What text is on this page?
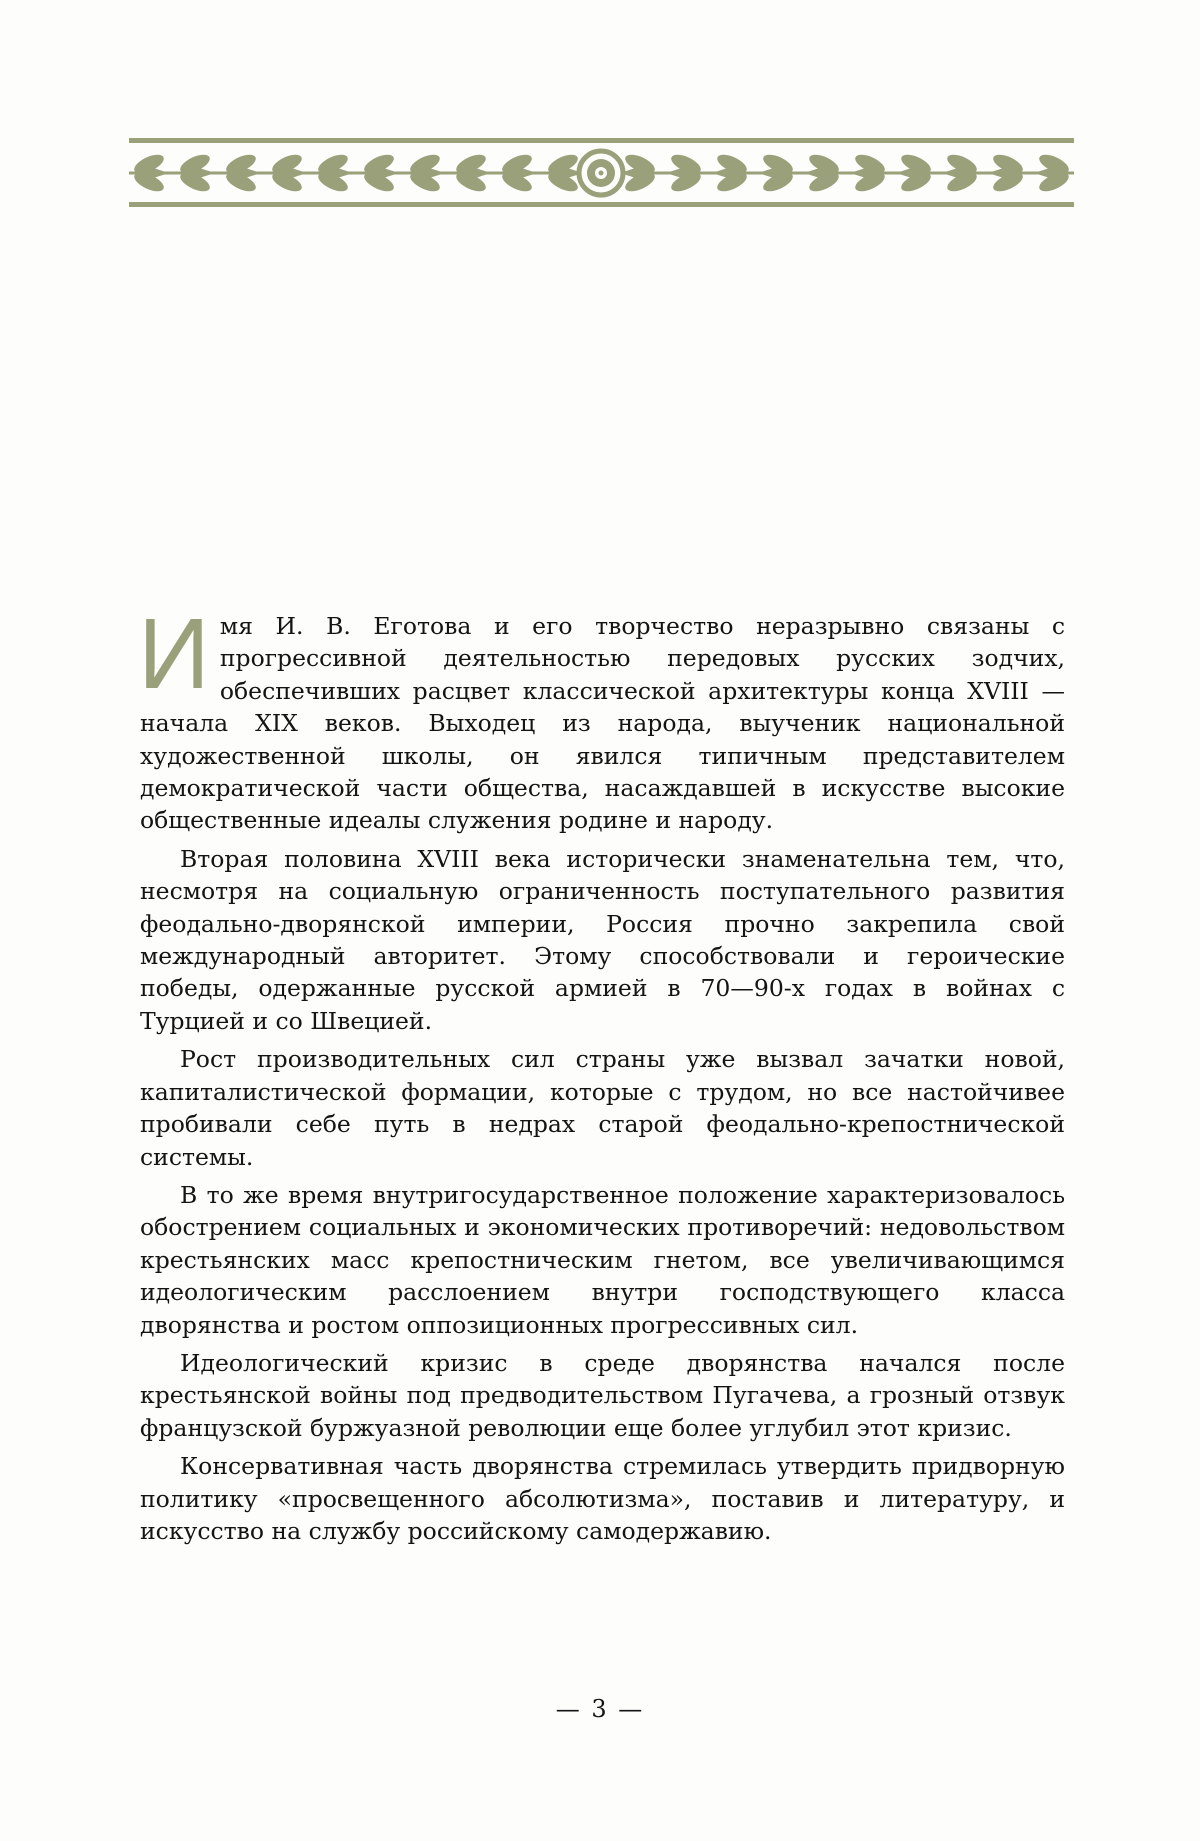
Имя И. В. Еготова и его творчество неразрывно связаны с прогрессивной деятельностью передовых русских зодчих, обеспечивших расцвет классической архитектуры конца XVIII — начала XIX веков. Выходец из народа, выученик национальной художественной школы, он явился типичным представителем демократической части общества, насаждавшей в искусстве высокие общественные идеалы служения родине и народу.

Вторая половина XVIII века исторически знаменательна тем, что, несмотря на социальную ограниченность поступательного развития феодально-дворянской империи, Россия прочно закрепила свой международный авторитет. Этому способствовали и героические победы, одержанные русской армией в 70—90-х годах в войнах с Турцией и со Швецией.

Рост производительных сил страны уже вызвал зачатки новой, капиталистической формации, которые с трудом, но все настойчивее пробивали себе путь в недрах старой феодально-крепостнической системы.

В то же время внутригосударственное положение характеризовалось обострением социальных и экономических противоречий: недовольством крестьянских масс крепостническим гнетом, все увеличивающимся идеологическим расслоением внутри господствующего класса дворянства и ростом оппозиционных прогрессивных сил.

Идеологический кризис в среде дворянства начался после крестьянской войны под предводительством Пугачева, а грозный отзвук французской буржуазной революции еще более углубил этот кризис.

Консервативная часть дворянства стремилась утвердить придворную политику «просвещенного абсолютизма», поставив и литературу, и искусство на службу российскому самодержавию.

— 3 —
